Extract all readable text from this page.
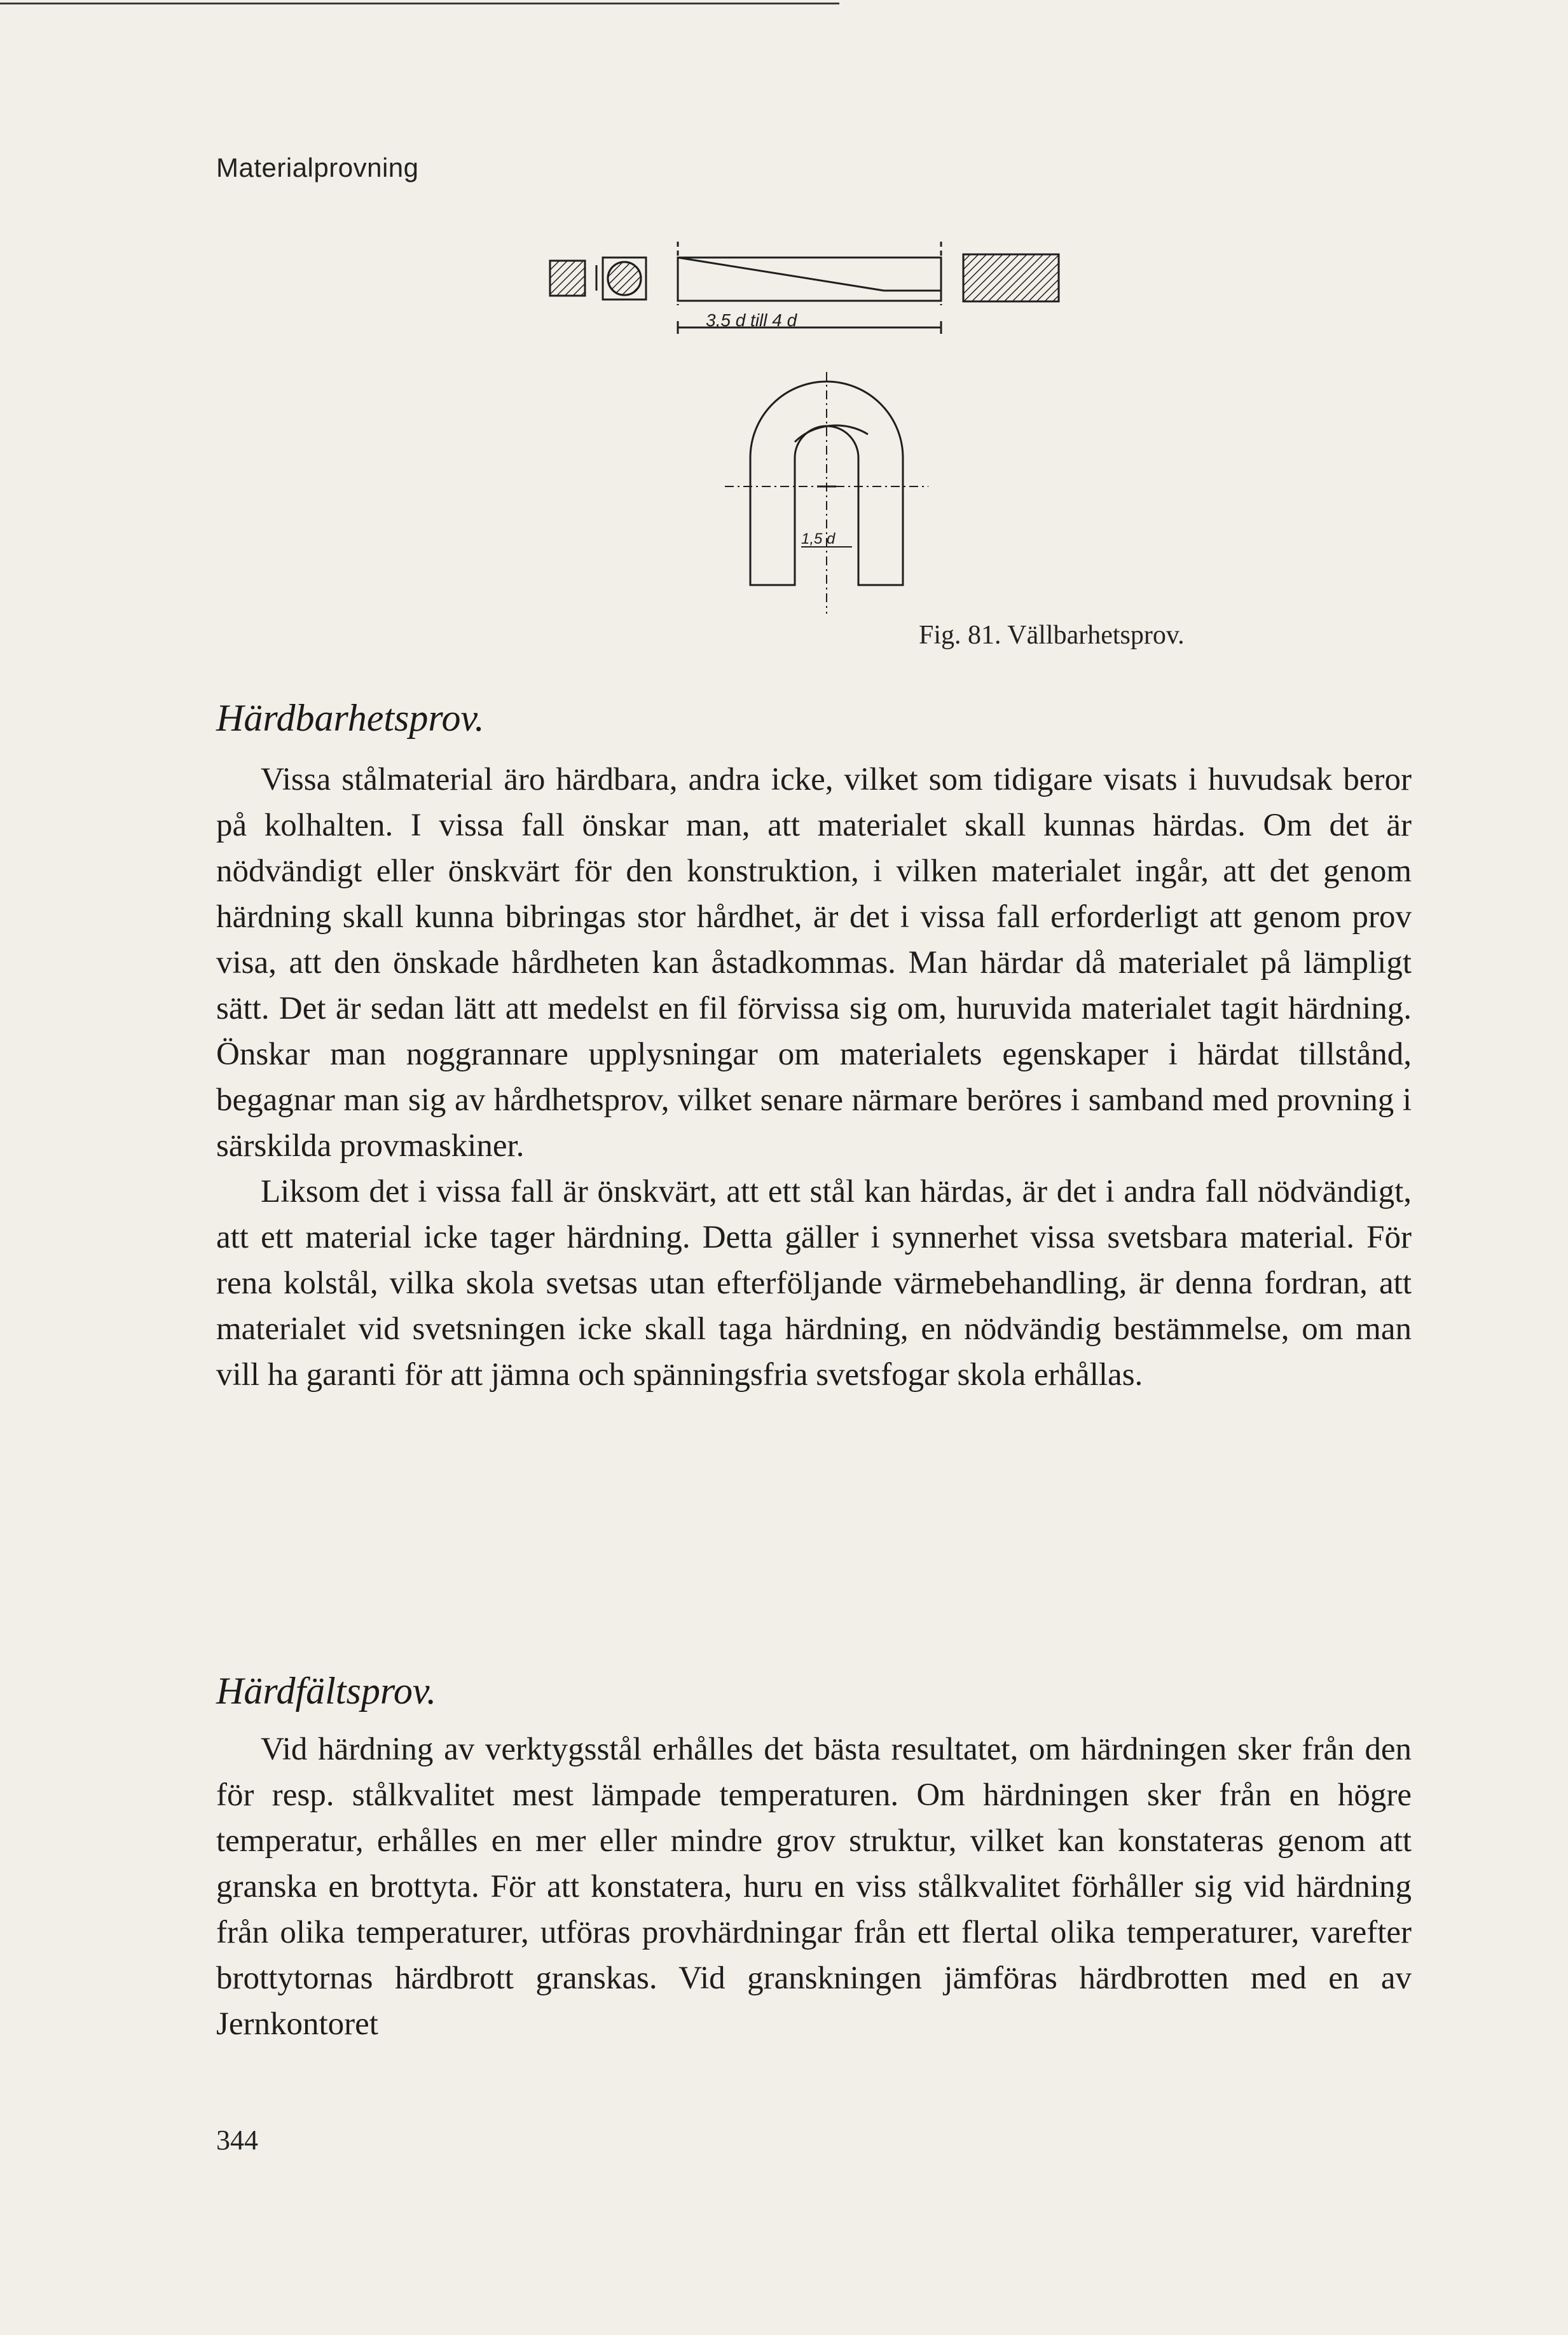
Materialprovning
3,5 d till 4 d
1,5 d
Fig. 81. Vällbarhetsprov.
Härdbarhetsprov.

Vissa stålmaterial äro härdbara, andra icke, vilket som tidigare visats i huvudsak beror på kolhalten. I vissa fall önskar man, att materialet skall kunnas härdas. Om det är nödvändigt eller önskvärt för den konstruktion, i vilken materialet ingår, att det genom härdning skall kunna bibringas stor hårdhet, är det i vissa fall erforderligt att genom prov visa, att den önskade hårdheten kan åstadkommas. Man härdar då materialet på lämpligt sätt. Det är sedan lätt att medelst en fil förvissa sig om, huruvida materialet tagit härdning. Önskar man noggrannare upplysningar om materialets egenskaper i härdat tillstånd, begagnar man sig av hårdhetsprov, vilket senare närmare beröres i samband med provning i särskilda provmaskiner.

Liksom det i vissa fall är önskvärt, att ett stål kan härdas, är det i andra fall nödvändigt, att ett material icke tager härdning. Detta gäller i synnerhet vissa svetsbara material. För rena kolstål, vilka skola svetsas utan efterföljande värmebehandling, är denna fordran, att materialet vid svetsningen icke skall taga härdning, en nödvändig bestämmelse, om man vill ha garanti för att jämna och spänningsfria svetsfogar skola erhållas.

Härdfältsprov.

Vid härdning av verktygsstål erhålles det bästa resultatet, om härdningen sker från den för resp. stålkvalitet mest lämpade temperaturen. Om härdningen sker från en högre temperatur, erhålles en mer eller mindre grov struktur, vilket kan konstateras genom att granska en brottyta. För att konstatera, huru en viss stålkvalitet förhåller sig vid härdning från olika temperaturer, utföras provhärdningar från ett flertal olika temperaturer, varefter brottytornas härdbrott granskas. Vid granskningen jämföras härdbrotten med en av Jernkontoret

344
